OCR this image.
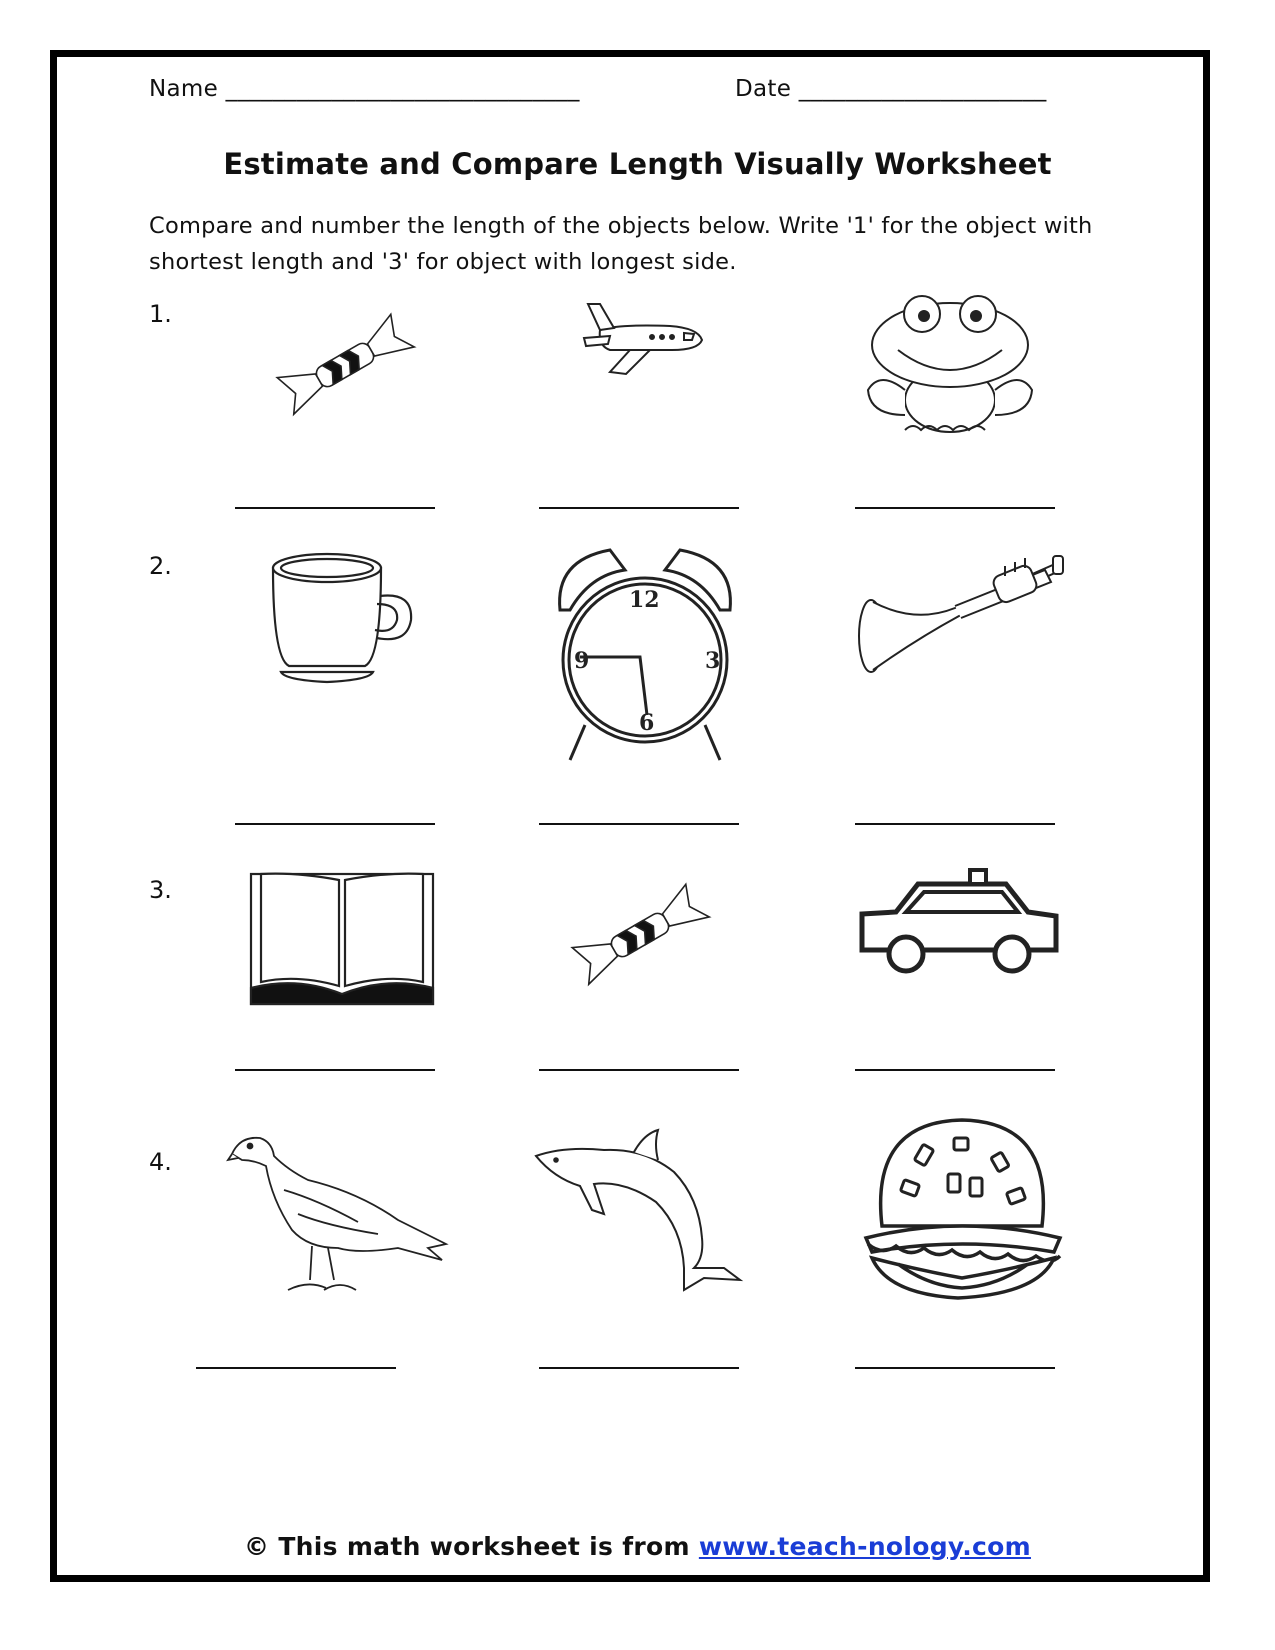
Name ______________________________	Date _____________________
Estimate and Compare Length Visually Worksheet
Compare and number the length of the objects below. Write '1' for the object with shortest length and '3' for object with longest side.
1.
2.
3.
4.
12
3
6
9
© This math worksheet is from www.teach-nology.com
